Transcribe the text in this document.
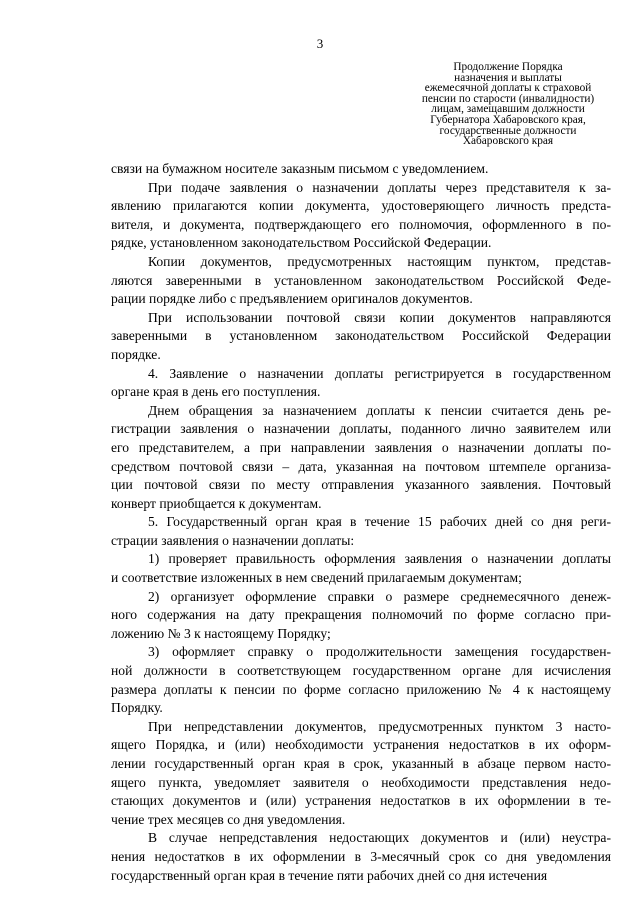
3
Продолжение Порядка
назначения и выплаты
ежемесячной доплаты к страховой
пенсии по старости (инвалидности)
лицам, замещавшим должности
Губернатора Хабаровского края,
государственные должности
Хабаровского края
связи на бумажном носителе заказным письмом с уведомлением.
При подаче заявления о назначении доплаты через представителя к за-
явлению прилагаются копии документа, удостоверяющего личность предста-
вителя, и документа, подтверждающего его полномочия, оформленного в по-
рядке, установленном законодательством Российской Федерации.
Копии документов, предусмотренных настоящим пунктом, представ-
ляются заверенными в установленном законодательством Российской Феде-
рации порядке либо с предъявлением оригиналов документов.
При использовании почтовой связи копии документов направляются
заверенными в установленном законодательством Российской Федерации
порядке.
4. Заявление о назначении доплаты регистрируется в государственном
органе края в день его поступления.
Днем обращения за назначением доплаты к пенсии считается день ре-
гистрации заявления о назначении доплаты, поданного лично заявителем или
его представителем, а при направлении заявления о назначении доплаты по-
средством почтовой связи – дата, указанная на почтовом штемпеле организа-
ции почтовой связи по месту отправления указанного заявления. Почтовый
конверт приобщается к документам.
5. Государственный орган края в течение 15 рабочих дней со дня реги-
страции заявления о назначении доплаты:
1) проверяет правильность оформления заявления о назначении доплаты
и соответствие изложенных в нем сведений прилагаемым документам;
2) организует оформление справки о размере среднемесячного денеж-
ного содержания на дату прекращения полномочий по форме согласно при-
ложению № 3 к настоящему Порядку;
3) оформляет справку о продолжительности замещения государствен-
ной должности в соответствующем государственном органе для исчисления
размера доплаты к пенсии по форме согласно приложению № 4 к настоящему
Порядку.
При непредставлении документов, предусмотренных пунктом 3 насто-
ящего Порядка, и (или) необходимости устранения недостатков в их оформ-
лении государственный орган края в срок, указанный в абзаце первом насто-
ящего пункта, уведомляет заявителя о необходимости представления недо-
стающих документов и (или) устранения недостатков в их оформлении в те-
чение трех месяцев со дня уведомления.
В случае непредставления недостающих документов и (или) неустра-
нения недостатков в их оформлении в 3-месячный срок со дня уведомления
государственный орган края в течение пяти рабочих дней со дня истечения
